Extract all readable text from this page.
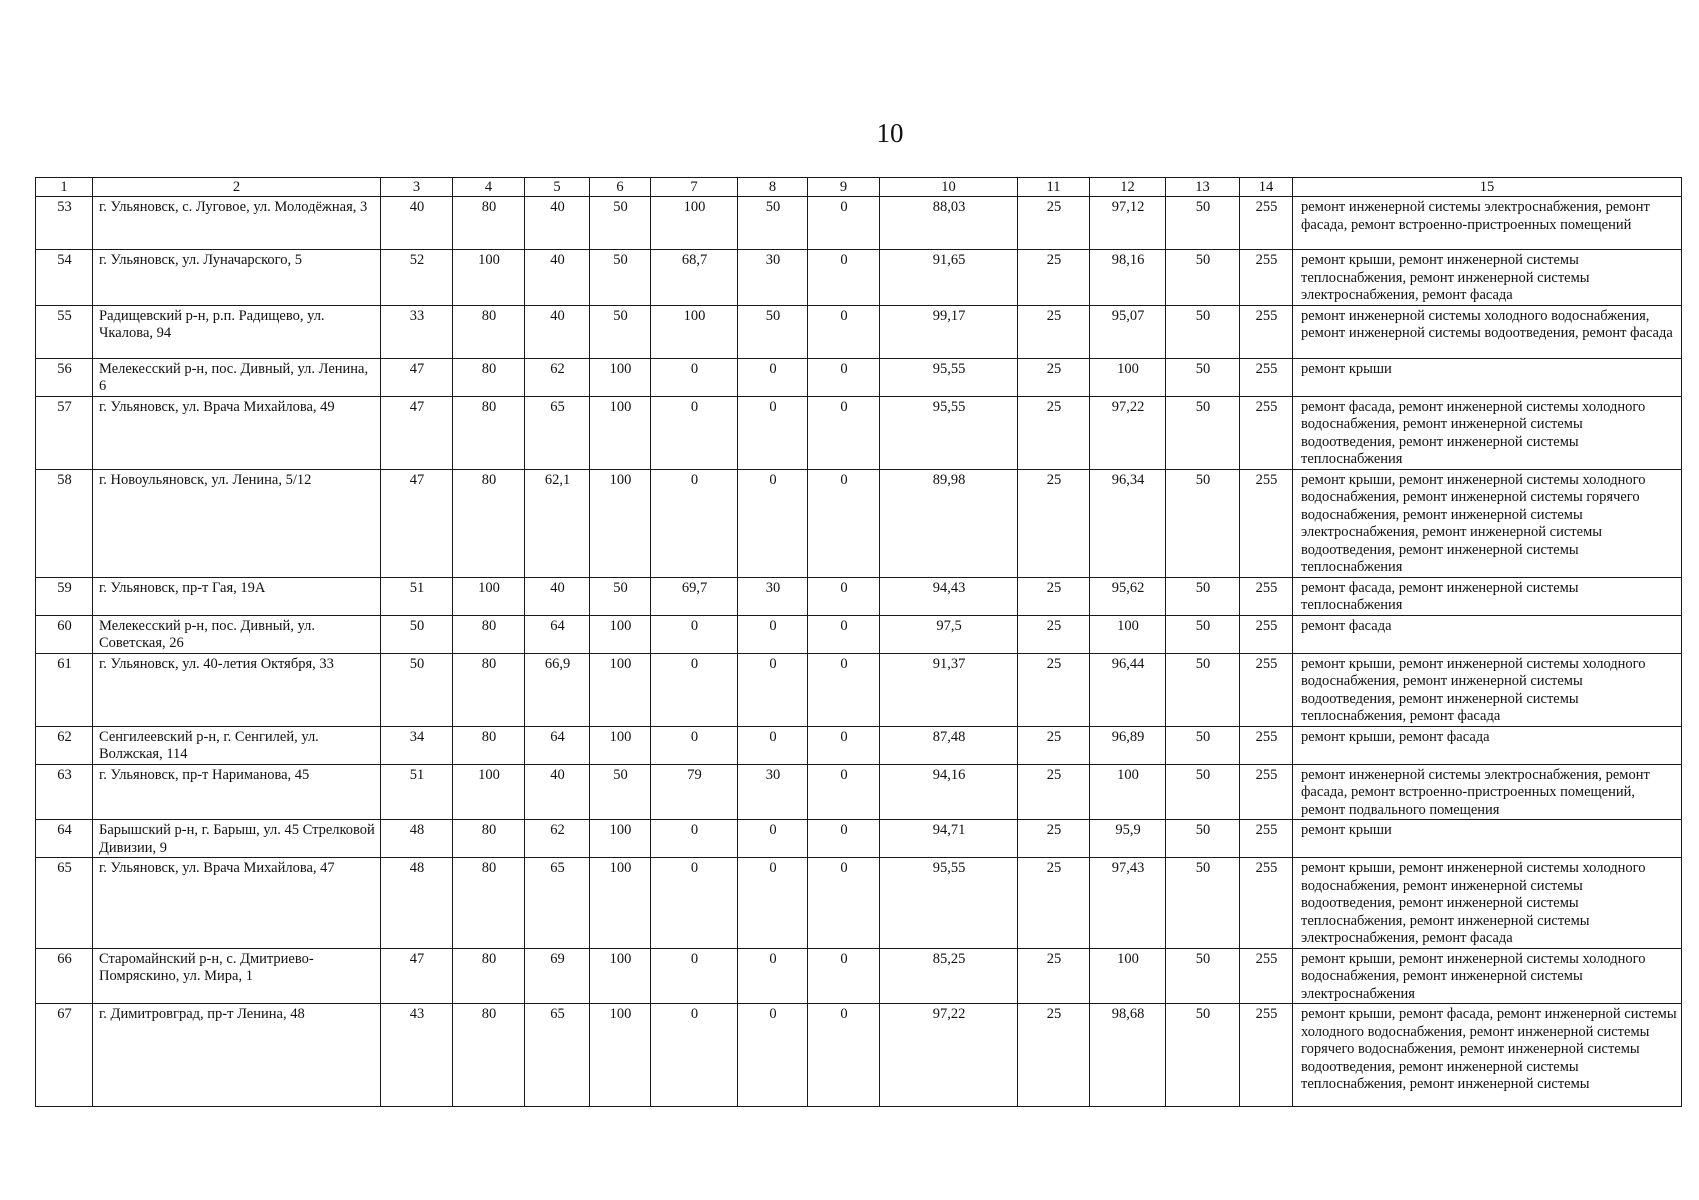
10
1	2	3	4	5	6	7	8	9	10	11	12	13	14	15
53	г. Ульяновск, с. Луговое, ул. Молодёжная, 3	40	80	40	50	100	50	0	88,03	25	97,12	50	255	ремонт инженерной системы электроснабжения, ремонт фасада, ремонт встроенно-пристроенных помещений
54	г. Ульяновск, ул. Луначарского, 5	52	100	40	50	68,7	30	0	91,65	25	98,16	50	255	ремонт крыши, ремонт инженерной системы теплоснабжения, ремонт инженерной системы электроснабжения, ремонт фасада
55	Радищевский р-н, р.п. Радищево, ул. Чкалова, 94	33	80	40	50	100	50	0	99,17	25	95,07	50	255	ремонт инженерной системы холодного водоснабжения, ремонт инженерной системы водоотведения, ремонт фасада
56	Мелекесский р-н, пос. Дивный, ул. Ленина, 6	47	80	62	100	0	0	0	95,55	25	100	50	255	ремонт крыши
57	г. Ульяновск, ул. Врача Михайлова, 49	47	80	65	100	0	0	0	95,55	25	97,22	50	255	ремонт фасада, ремонт инженерной системы холодного водоснабжения, ремонт инженерной системы водоотведения, ремонт инженерной системы теплоснабжения
58	г. Новоульяновск, ул. Ленина, 5/12	47	80	62,1	100	0	0	0	89,98	25	96,34	50	255	ремонт крыши, ремонт инженерной системы холодного водоснабжения, ремонт инженерной системы горячего водоснабжения, ремонт инженерной системы электроснабжения, ремонт инженерной системы водоотведения, ремонт инженерной системы теплоснабжения
59	г. Ульяновск, пр-т Гая, 19А	51	100	40	50	69,7	30	0	94,43	25	95,62	50	255	ремонт фасада, ремонт инженерной системы теплоснабжения
60	Мелекесский р-н, пос. Дивный, ул. Советская, 26	50	80	64	100	0	0	0	97,5	25	100	50	255	ремонт фасада
61	г. Ульяновск, ул. 40-летия Октября, 33	50	80	66,9	100	0	0	0	91,37	25	96,44	50	255	ремонт крыши, ремонт инженерной системы холодного водоснабжения, ремонт инженерной системы водоотведения, ремонт инженерной системы теплоснабжения, ремонт фасада
62	Сенгилеевский р-н, г. Сенгилей, ул. Волжская, 114	34	80	64	100	0	0	0	87,48	25	96,89	50	255	ремонт крыши, ремонт фасада
63	г. Ульяновск, пр-т Нариманова, 45	51	100	40	50	79	30	0	94,16	25	100	50	255	ремонт инженерной системы электроснабжения, ремонт фасада, ремонт встроенно-пристроенных помещений, ремонт подвального помещения
64	Барышский р-н, г. Барыш, ул. 45 Стрелковой Дивизии, 9	48	80	62	100	0	0	0	94,71	25	95,9	50	255	ремонт крыши
65	г. Ульяновск, ул. Врача Михайлова, 47	48	80	65	100	0	0	0	95,55	25	97,43	50	255	ремонт крыши, ремонт инженерной системы холодного водоснабжения, ремонт инженерной системы водоотведения, ремонт инженерной системы теплоснабжения, ремонт инженерной системы электроснабжения, ремонт фасада
66	Старомайнский р-н, с. Дмитриево-Помряскино, ул. Мира, 1	47	80	69	100	0	0	0	85,25	25	100	50	255	ремонт крыши, ремонт инженерной системы холодного водоснабжения, ремонт инженерной системы электроснабжения
67	г. Димитровград, пр-т Ленина, 48	43	80	65	100	0	0	0	97,22	25	98,68	50	255	ремонт крыши, ремонт фасада, ремонт инженерной системы холодного водоснабжения, ремонт инженерной системы горячего водоснабжения, ремонт инженерной системы водоотведения, ремонт инженерной системы теплоснабжения, ремонт инженерной системы
